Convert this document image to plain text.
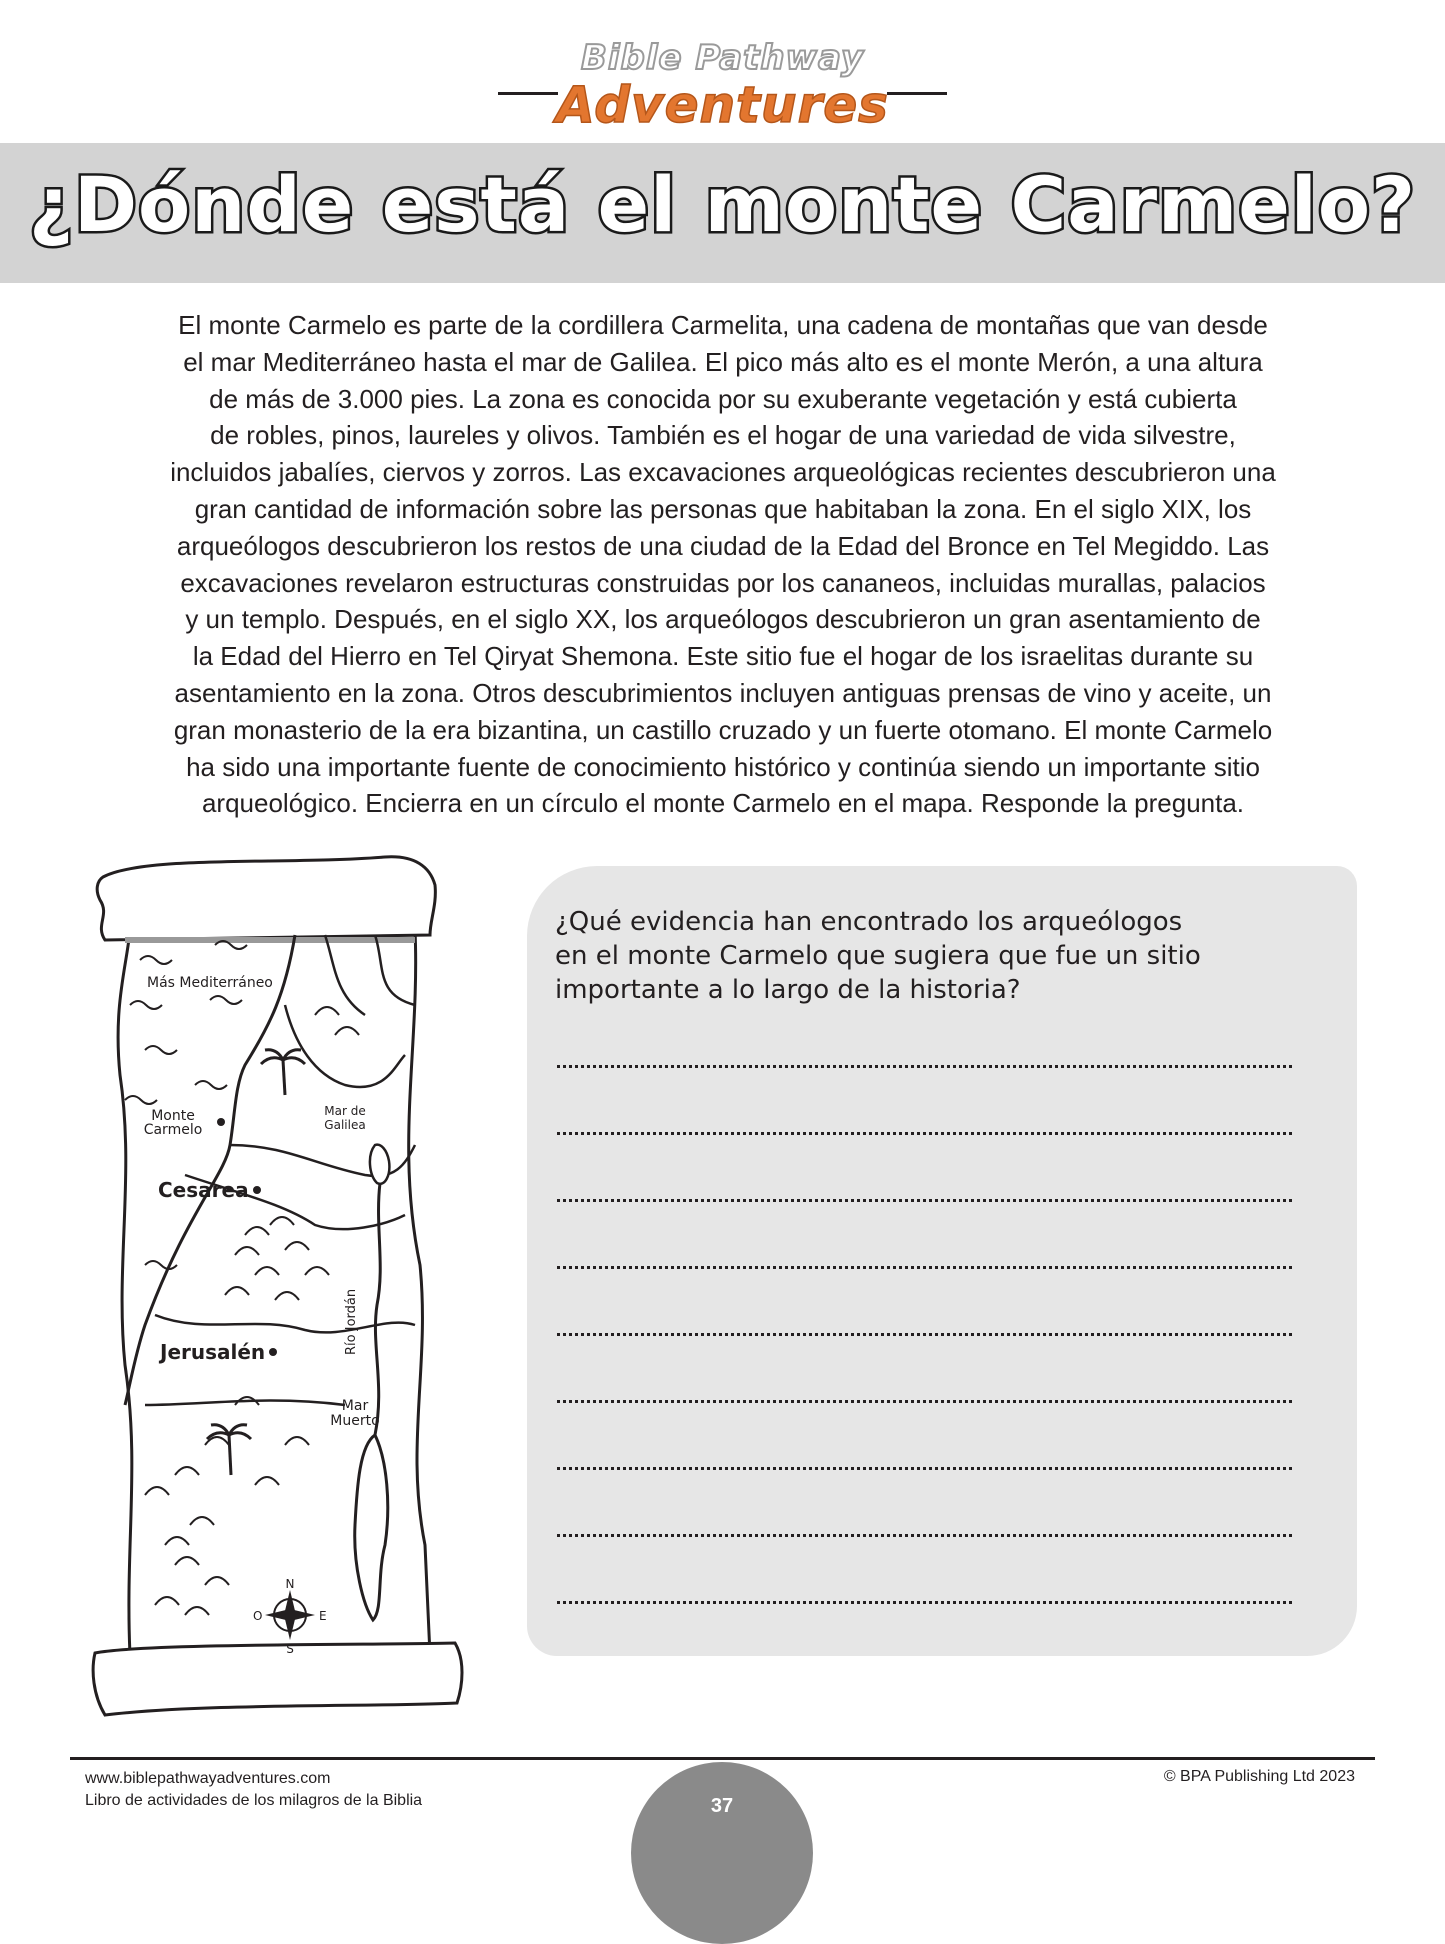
Bible Pathway
Adventures
¿Dónde está el monte Carmelo?
El monte Carmelo es parte de la cordillera Carmelita, una cadena de montañas que van desde
el mar Mediterráneo hasta el mar de Galilea. El pico más alto es el monte Merón, a una altura
de más de 3.000 pies. La zona es conocida por su exuberante vegetación y está cubierta
de robles, pinos, laureles y olivos. También es el hogar de una variedad de vida silvestre,
incluidos jabalíes, ciervos y zorros. Las excavaciones arqueológicas recientes descubrieron una
gran cantidad de información sobre las personas que habitaban la zona. En el siglo XIX, los
arqueólogos descubrieron los restos de una ciudad de la Edad del Bronce en Tel Megiddo. Las
excavaciones revelaron estructuras construidas por los cananeos, incluidas murallas, palacios
y un templo. Después, en el siglo XX, los arqueólogos descubrieron un gran asentamiento de
la Edad del Hierro en Tel Qiryat Shemona. Este sitio fue el hogar de los israelitas durante su
asentamiento en la zona. Otros descubrimientos incluyen antiguas prensas de vino y aceite, un
gran monasterio de la era bizantina, un castillo cruzado y un fuerte otomano. El monte Carmelo
ha sido una importante fuente de conocimiento histórico y continúa siendo un importante sitio
arqueológico. Encierra en un círculo el monte Carmelo en el mapa. Responde la pregunta.
¿Qué evidencia han encontrado los arqueólogos
en el monte Carmelo que sugiera que fue un sitio
importante a lo largo de la historia?
Más Mediterráneo
Monte
Carmelo
Mar de
Galilea
Cesarea
Jerusalén	Río Jordán
Mar
Muerto
N
S
E
O
www.biblepathwayadventures.com
Libro de actividades de los milagros de la Biblia
© BPA Publishing Ltd 2023
37
